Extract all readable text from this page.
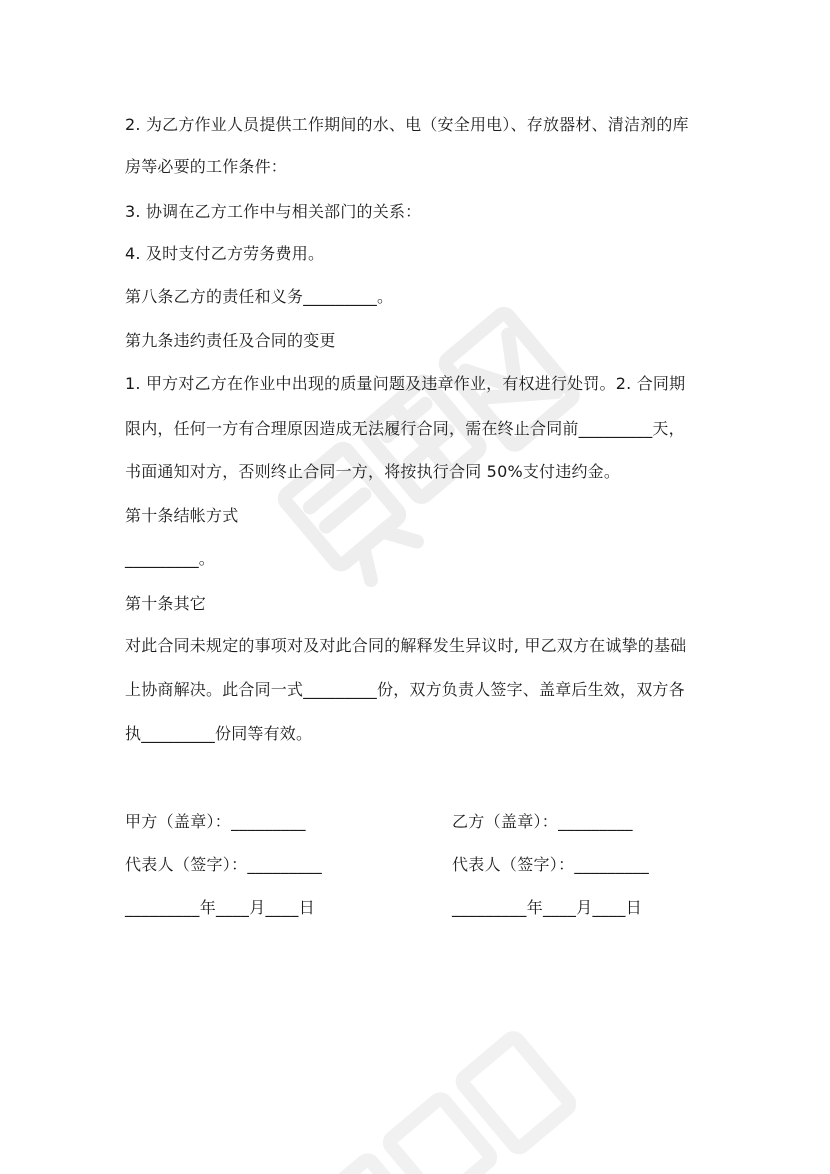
2. 为乙方作业人员提供工作期间的水、电（安全用电）、存放器材、清洁剂的库
房等必要的工作条件：
3. 协调在乙方工作中与相关部门的关系：
4. 及时支付乙方劳务费用。
第八条乙方的责任和义务_________。
第九条违约责任及合同的变更
1. 甲方对乙方在作业中出现的质量问题及违章作业，有权进行处罚。2. 合同期
限内，任何一方有合理原因造成无法履行合同，需在终止合同前_________天，
书面通知对方，否则终止合同一方，将按执行合同 50%支付违约金。
第十条结帐方式
_________。
第十条其它
对此合同未规定的事项对及对此合同的解释发生异议时, 甲乙双方在诚挚的基础
上协商解决。此合同一式_________份，双方负责人签字、盖章后生效，双方各
执_________份同等有效。
甲方（盖章）：_________
代表人（签字）：_________
_________年____月____日
乙方（盖章）：_________
代表人（签字）：_________
_________年____月____日
